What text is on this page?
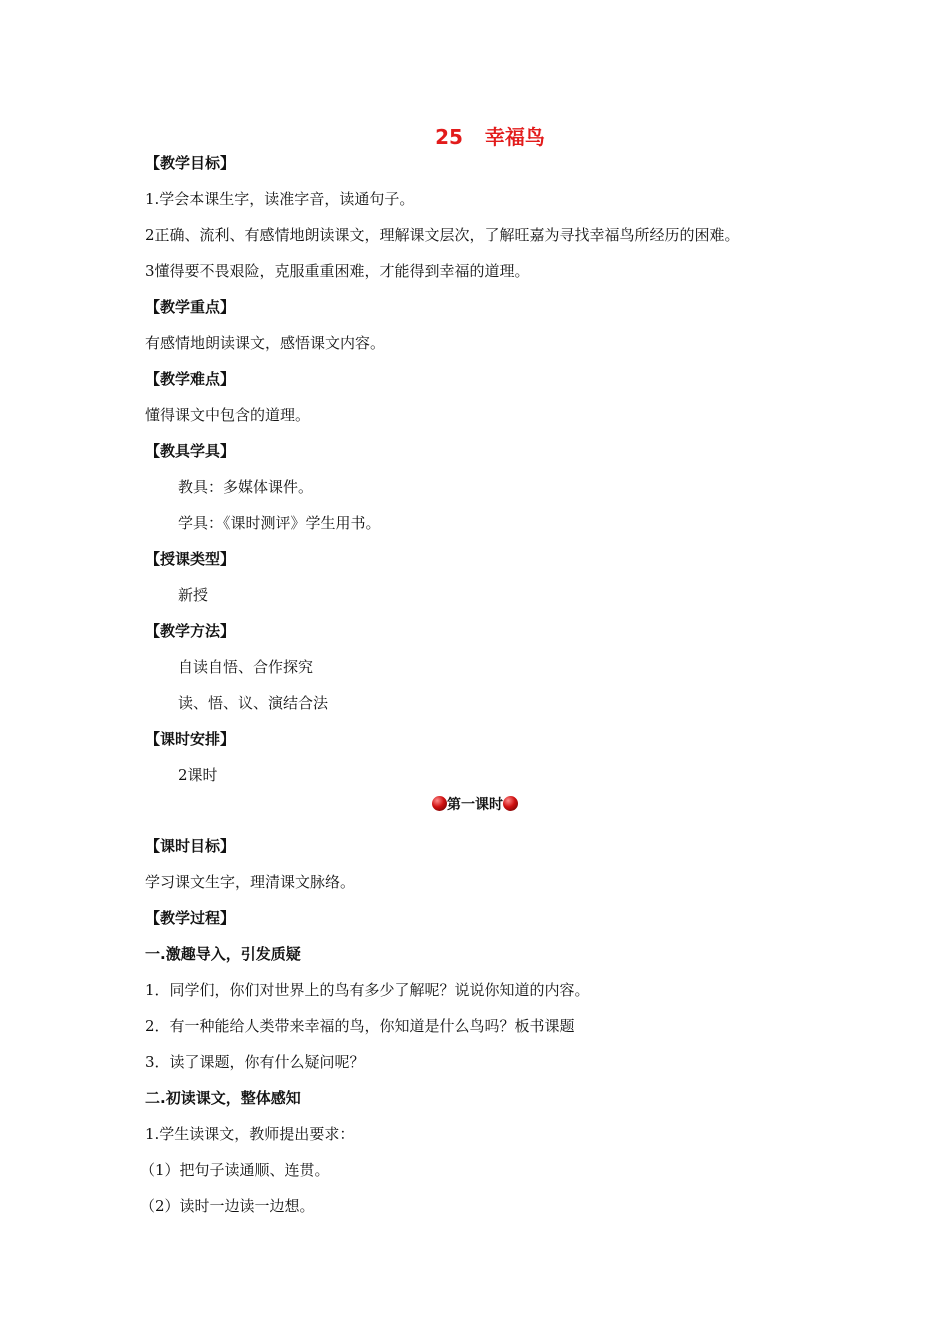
25 幸福鸟

【教学目标】

1.学会本课生字，读准字音，读通句子。

2正确、流利、有感情地朗读课文，理解课文层次，了解旺嘉为寻找幸福鸟所经历的困难。

3懂得要不畏艰险，克服重重困难，才能得到幸福的道理。

【教学重点】

有感情地朗读课文，感悟课文内容。

【教学难点】

懂得课文中包含的道理。

【教具学具】

教具：多媒体课件。

学具：《课时测评》学生用书。

【授课类型】

新授

【教学方法】

自读自悟、合作探究

读、悟、议、演结合法

【课时安排】

2课时

第一课时

【课时目标】

学习课文生字，理清课文脉络。

【教学过程】

一.激趣导入，引发质疑

1．同学们，你们对世界上的鸟有多少了解呢？说说你知道的内容。

2．有一种能给人类带来幸福的鸟，你知道是什么鸟吗？板书课题

3．读了课题，你有什么疑问呢？

二.初读课文，整体感知

1.学生读课文，教师提出要求：

（1）把句子读通顺、连贯。

（2）读时一边读一边想。
